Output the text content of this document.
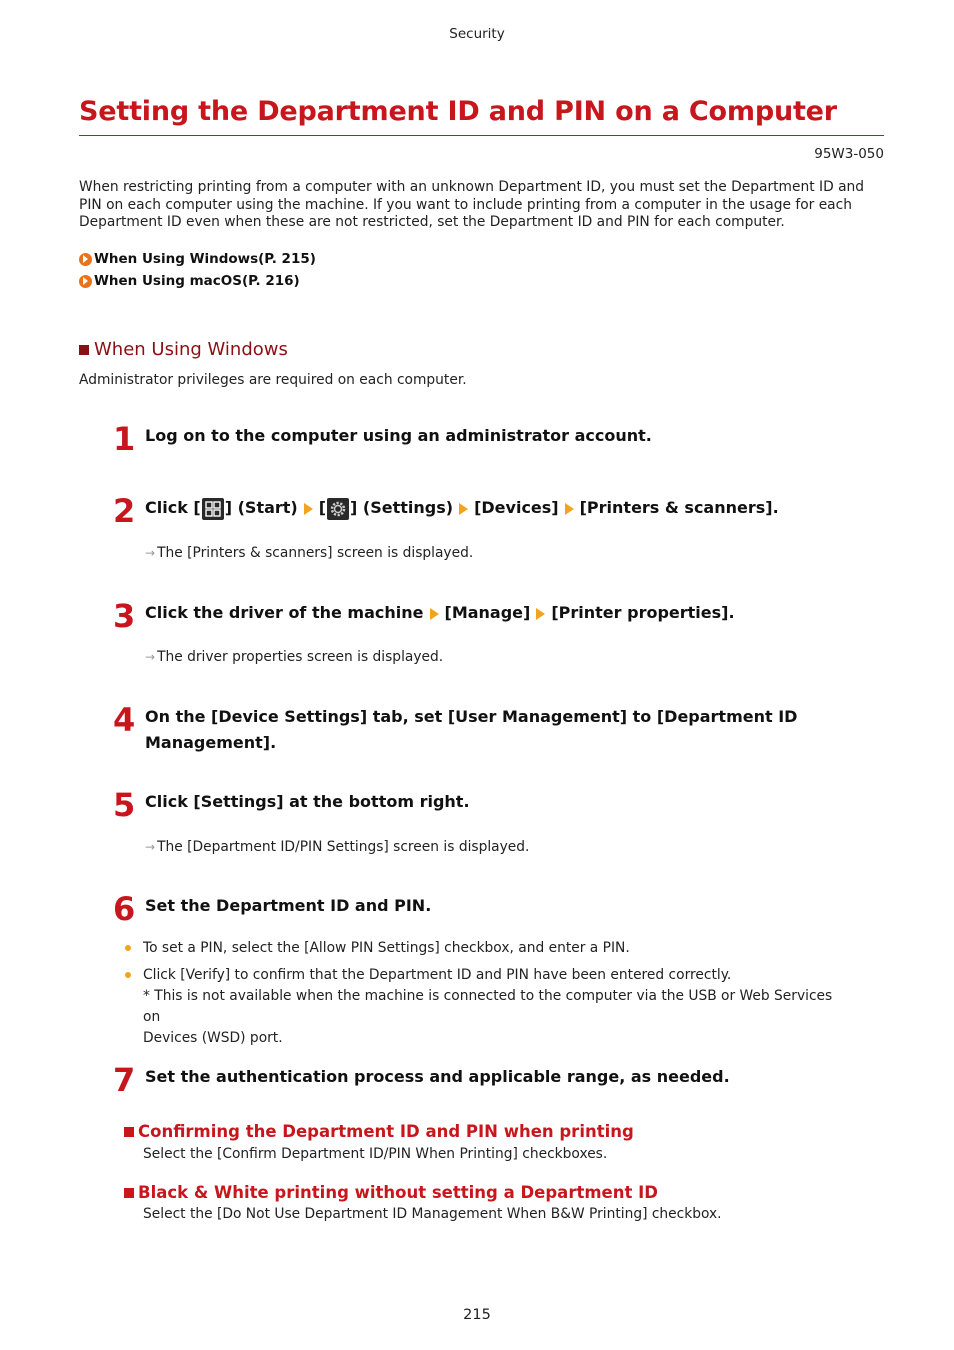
Security
Setting the Department ID and PIN on a Computer
95W3-050
When restricting printing from a computer with an unknown Department ID, you must set the Department ID and PIN on each computer using the machine. If you want to include printing from a computer in the usage for each Department ID even when these are not restricted, set the Department ID and PIN for each computer.
When Using Windows(P. 215)
When Using macOS(P. 216)
When Using Windows
Administrator privileges are required on each computer.
1 Log on to the computer using an administrator account.
2 Click [ ] (Start) [ ] (Settings) [Devices] [Printers & scanners].
→ The [Printers & scanners] screen is displayed.
3 Click the driver of the machine [Manage] [Printer properties].
→ The driver properties screen is displayed.
4 On the [Device Settings] tab, set [User Management] to [Department ID
Management].
5 Click [Settings] at the bottom right.
→ The [Department ID/PIN Settings] screen is displayed.
6 Set the Department ID and PIN.
To set a PIN, select the [Allow PIN Settings] checkbox, and enter a PIN.
Click [Verify] to confirm that the Department ID and PIN have been entered correctly.
* This is not available when the machine is connected to the computer via the USB or Web Services on
Devices (WSD) port.
7 Set the authentication process and applicable range, as needed.
Confirming the Department ID and PIN when printing
Select the [Confirm Department ID/PIN When Printing] checkboxes.
Black & White printing without setting a Department ID
Select the [Do Not Use Department ID Management When B&W Printing] checkbox.
215
